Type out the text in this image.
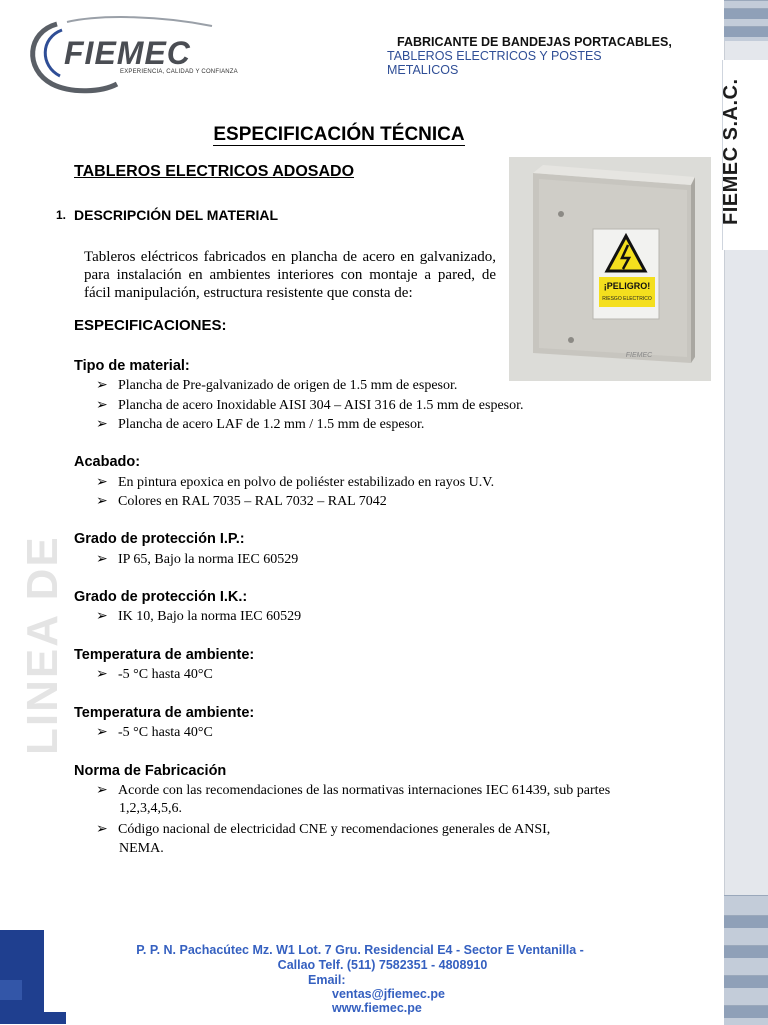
FIEMEC S.A.C.
LINEA DE
FIEMEC
EXPERIENCIA, CALIDAD Y CONFIANZA
FABRICANTE DE BANDEJAS PORTACABLES,
TABLEROS ELECTRICOS Y POSTES METALICOS
ESPECIFICACIÓN TÉCNICA
TABLEROS ELECTRICOS ADOSADO
1. DESCRIPCIÓN DEL MATERIAL
Tableros eléctricos fabricados en plancha de acero en galvanizado, para instalación en ambientes interiores con montaje a pared, de fácil manipulación, estructura resistente que consta de:
ESPECIFICACIONES:
¡PELIGRO!
RIESGO ELECTRICO
FIEMEC
Tipo de material:
➢ Plancha de Pre-galvanizado de origen de 1.5 mm de espesor.
➢ Plancha de acero Inoxidable AISI 304 – AISI 316 de 1.5 mm de espesor.
➢ Plancha de acero LAF de 1.2 mm / 1.5 mm de espesor.
Acabado:
➢ En pintura epoxica en polvo de poliéster estabilizado en rayos U.V.
➢ Colores en RAL 7035 – RAL 7032 – RAL 7042
Grado de protección I.P.:
➢ IP 65, Bajo la norma IEC 60529
Grado de protección I.K.:
➢ IK 10, Bajo la norma IEC 60529
Temperatura de ambiente:
➢ -5 °C hasta 40°C
Temperatura de ambiente:
➢ -5 °C hasta 40°C
Norma de Fabricación
➢ Acorde con las recomendaciones de las normativas internaciones IEC 61439, sub partes
1,2,3,4,5,6.
➢ Código nacional de electricidad CNE y recomendaciones generales de ANSI,
NEMA.
P. P. N. Pachacútec Mz. W1 Lot. 7 Gru. Residencial E4 - Sector E Ventanilla -
Callao Telf. (511) 7582351 - 4808910
Email:
ventas@jfiemec.pe
www.fiemec.pe
